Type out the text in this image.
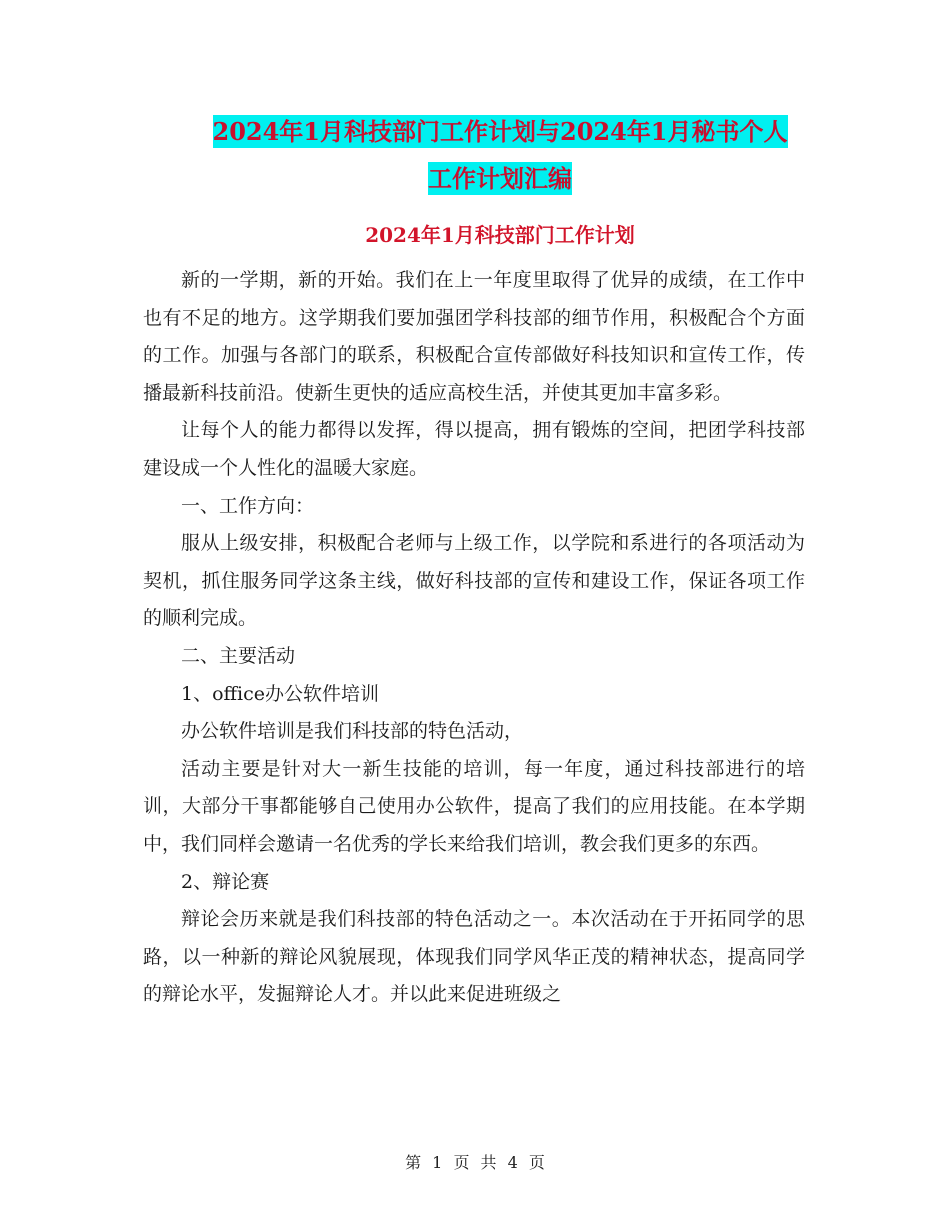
2024年1月科技部门工作计划与2024年1月秘书个人
工作计划汇编
2024年1月科技部门工作计划

新的一学期，新的开始。我们在上一年度里取得了优异的成绩，在工作中也有不足的地方。这学期我们要加强团学科技部的细节作用，积极配合个方面的工作。加强与各部门的联系，积极配合宣传部做好科技知识和宣传工作，传播最新科技前沿。使新生更快的适应高校生活，并使其更加丰富多彩。

让每个人的能力都得以发挥，得以提高，拥有锻炼的空间，把团学科技部建设成一个人性化的温暖大家庭。

一、工作方向：

服从上级安排，积极配合老师与上级工作，以学院和系进行的各项活动为契机，抓住服务同学这条主线，做好科技部的宣传和建设工作，保证各项工作的顺利完成。

二、主要活动

1、office办公软件培训

办公软件培训是我们科技部的特色活动，

活动主要是针对大一新生技能的培训，每一年度，通过科技部进行的培训，大部分干事都能够自己使用办公软件，提高了我们的应用技能。在本学期中，我们同样会邀请一名优秀的学长来给我们培训，教会我们更多的东西。

2、辩论赛

辩论会历来就是我们科技部的特色活动之一。本次活动在于开拓同学的思路，以一种新的辩论风貌展现，体现我们同学风华正茂的精神状态，提高同学的辩论水平，发掘辩论人才。并以此来促进班级之

第 1 页 共 4 页
